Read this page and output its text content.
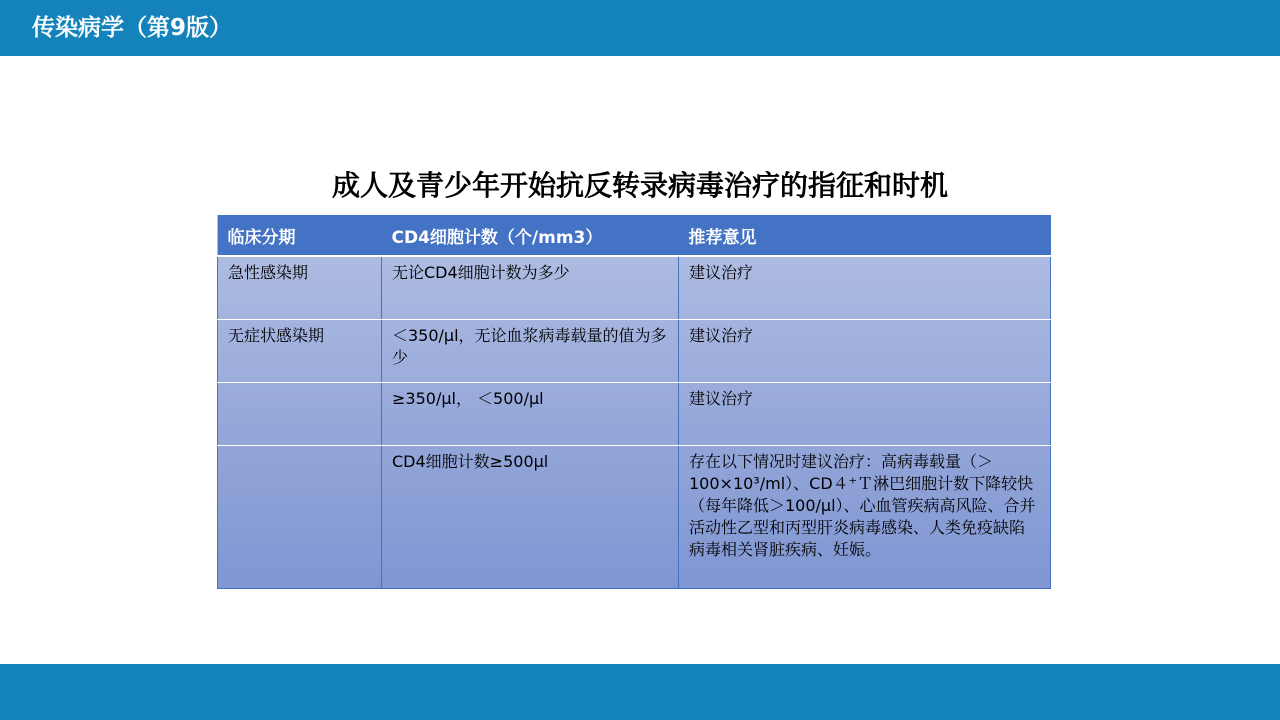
传染病学（第9版）
成人及青少年开始抗反转录病毒治疗的指征和时机
临床分期	CD4细胞计数（个/mm3）	推荐意见
急性感染期	无论CD4细胞计数为多少	建议治疗
无症状感染期	＜350/μl，无论血浆病毒载量的值为多少	建议治疗
	≥350/μl， ＜500/μl	建议治疗
	CD4细胞计数≥500μl	存在以下情况时建议治疗：高病毒载量（＞100×10³/ml）、CD４⁺Ｔ淋巴细胞计数下降较快（每年降低＞100/μl）、心血管疾病高风险、合并活动性乙型和丙型肝炎病毒感染、人类免疫缺陷病毒相关肾脏疾病、妊娠。
